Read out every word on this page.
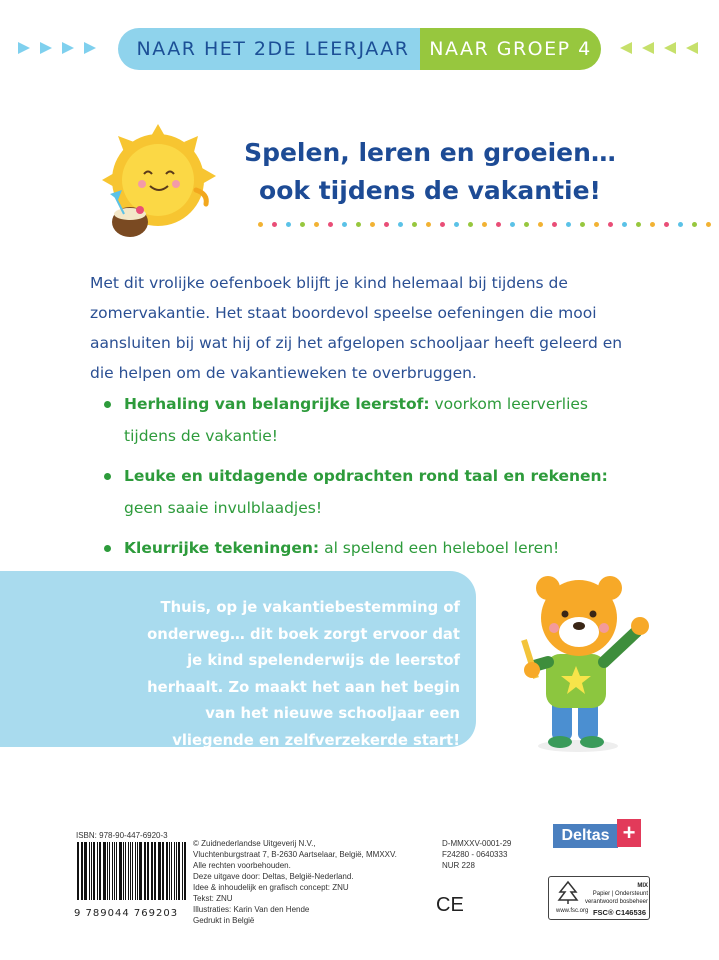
NAAR HET 2DE LEERJAAR	NAAR GROEP 4
Spelen, leren en groeien…
ook tijdens de vakantie!
Met dit vrolijke oefenboek blijft je kind helemaal bij tijdens de zomervakantie. Het staat boordevol speelse oefeningen die mooi aansluiten bij wat hij of zij het afgelopen schooljaar heeft geleerd en die helpen om de vakantieweken te overbruggen.
Herhaling van belangrijke leerstof: voorkom leerverlies tijdens de vakantie!
Leuke en uitdagende opdrachten rond taal en rekenen: geen saaie invulblaadjes!
Kleurrijke tekeningen: al spelend een heleboel leren!
Thuis, op je vakantiebestemming of onderweg… dit boek zorgt ervoor dat je kind spelenderwijs de leerstof herhaalt. Zo maakt het aan het begin van het nieuwe schooljaar een vliegende en zelfverzekerde start!
ISBN: 978-90-447-6920-3
9 789044 769203
© Zuidnederlandse Uitgeverij N.V.,
Vluchtenburgstraat 7, B-2630 Aartselaar, België, MMXXV.
Alle rechten voorbehouden.
Deze uitgave door: Deltas, België-Nederland.
Idee & inhoudelijk en grafisch concept: ZNU
Tekst: ZNU
Illustraties: Karin Van den Hende
Gedrukt in België
D-MMXXV-0001-29
F24280 - 0640333
NUR 228
Deltas +
CE
MIX
Papier | Ondersteunt
verantwoord bosbeheer
FSC® C146536
www.fsc.org
